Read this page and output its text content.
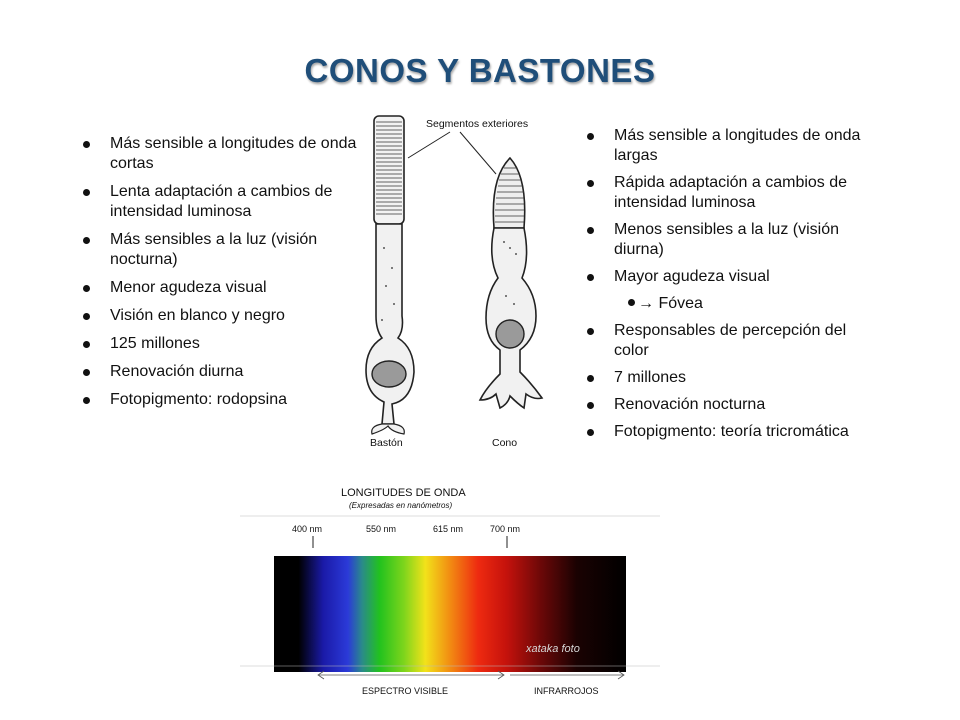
CONOS Y BASTONES
Más sensible a longitudes de onda cortas
Lenta adaptación a cambios de intensidad luminosa
Más sensibles a la luz (visión nocturna)
Menor agudeza visual
Visión en blanco y negro
125 millones
Renovación diurna
Fotopigmento: rodopsina
Más sensible a longitudes de onda largas
Rápida adaptación a cambios de intensidad luminosa
Menos sensibles a la luz (visión diurna)
Mayor agudeza visual
→ Fóvea
Responsables de percepción del color
7 millones
Renovación nocturna
Fotopigmento: teoría tricromática
Segmentos exteriores
Bastón	Cono
LONGITUDES DE ONDA
(Expresadas en nanómetros)
400 nm	550 nm	615 nm	700 nm
xataka foto
ESPECTRO VISIBLE	INFRARROJOS
